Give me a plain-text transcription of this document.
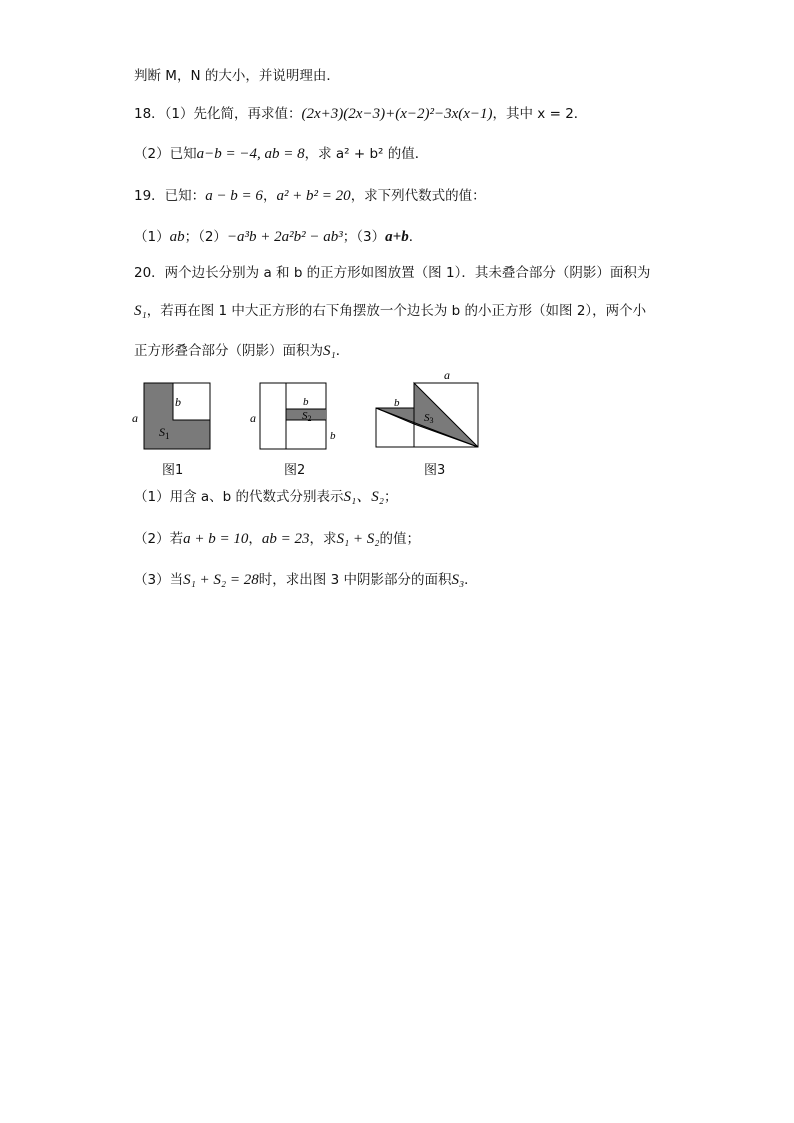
判断 M，N 的大小，并说明理由．
18．（1）先化简，再求值：(2x+3)(2x−3)+(x−2)²−3x(x−1)，其中 x = 2．
（2）已知a−b = −4, ab = 8，求 a² + b² 的值．
19．已知：a − b = 6，a² + b² = 20，求下列代数式的值：
（1）ab；（2）−a³b + 2a²b² − ab³；（3）a+b．
20．两个边长分别为 a 和 b 的正方形如图放置（图 1）．其未叠合部分（阴影）面积为
S₁，若再在图 1 中大正方形的右下角摆放一个边长为 b 的小正方形（如图 2），两个小
正方形叠合部分（阴影）面积为S₁．
a
b
$S_1$
图1
a
b
b
S2
图2
a
b
S3
图3
（1）用含 a、b 的代数式分别表示S₁、S₂；
（2）若a + b = 10，ab = 23，求S₁ + S₂的值；
（3）当S₁ + S₂ = 28时，求出图 3 中阴影部分的面积S₃．
